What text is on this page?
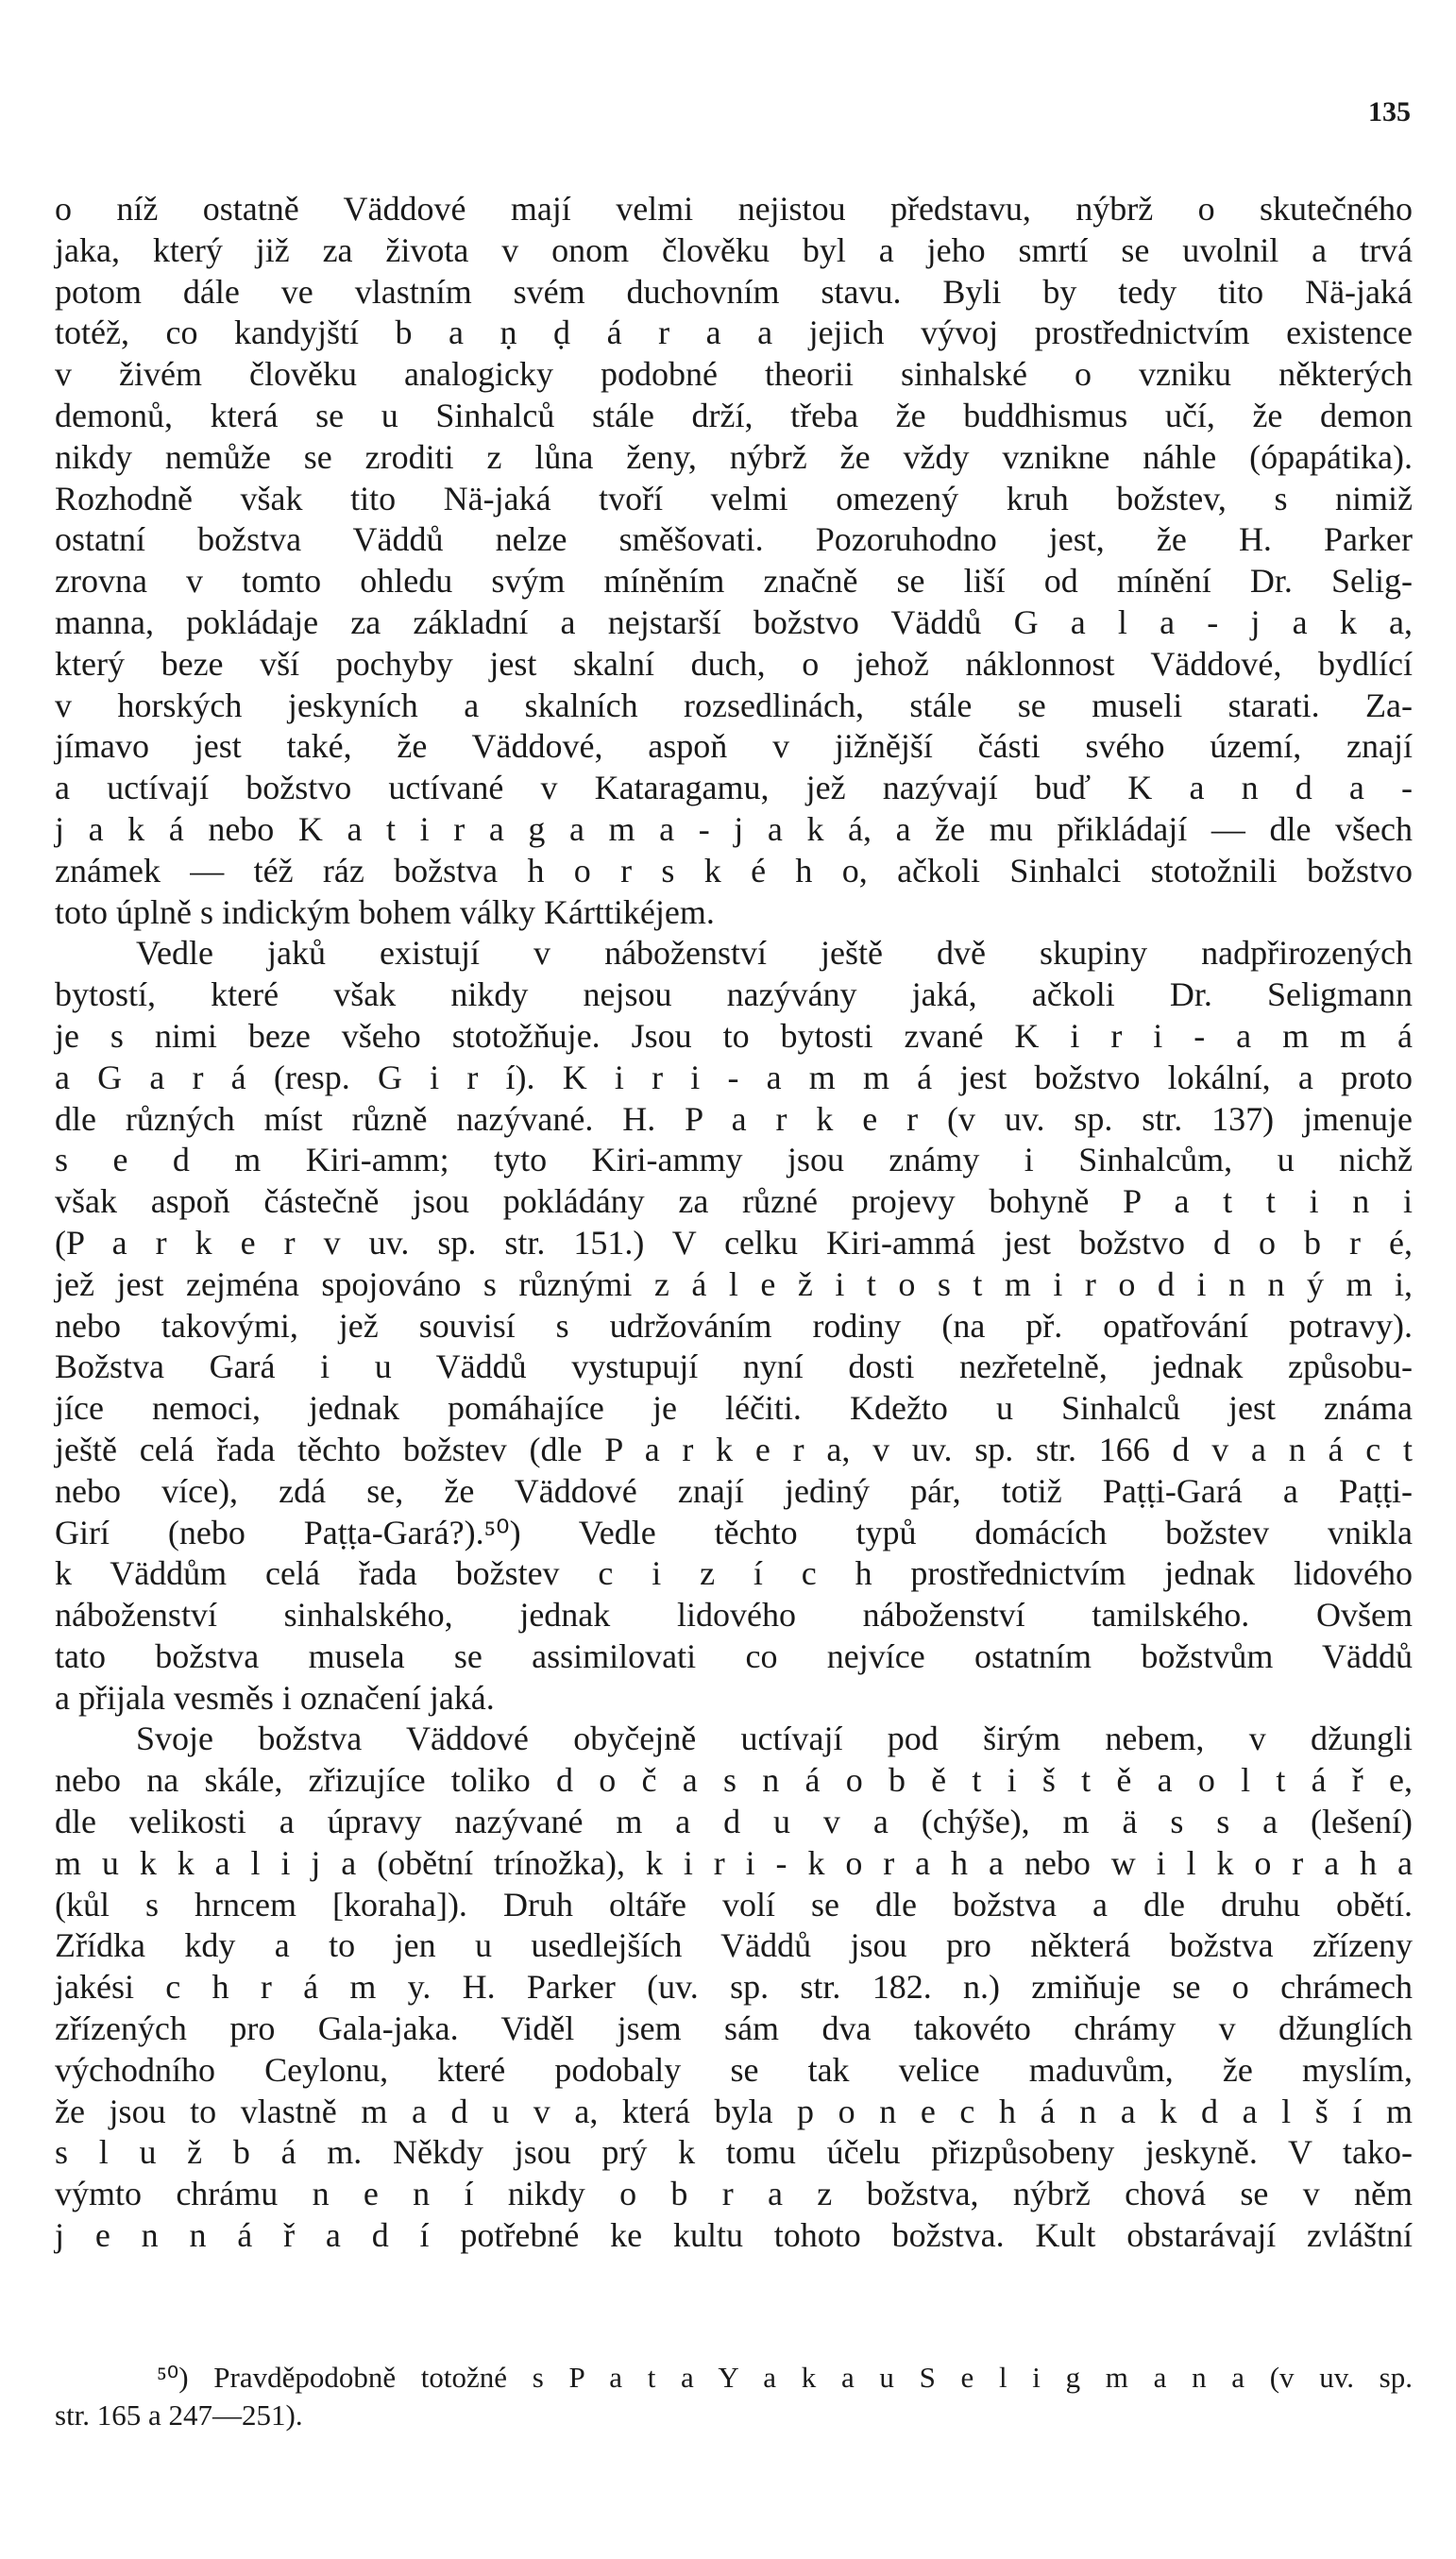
135
o níž ostatně Väddové mají velmi nejistou představu, nýbrž o skutečného
jaka, který již za života v onom člověku byl a jeho smrtí se uvolnil a trvá
potom dále ve vlastním svém duchovním stavu. Byli by tedy tito Nä-jaká
totéž, co kandyjští b a ṇ ḍ á r a a jejich vývoj prostřednictvím existence
v živém člověku analogicky podobné theorii sinhalské o vzniku některých
demonů, která se u Sinhalců stále drží, třeba že buddhismus učí, že demon
nikdy nemůže se zroditi z lůna ženy, nýbrž že vždy vznikne náhle (ópapátika).
Rozhodně však tito Nä-jaká tvoří velmi omezený kruh božstev, s nimiž
ostatní božstva Väddů nelze směšovati. Pozoruhodno jest, že H. Parker
zrovna v tomto ohledu svým míněním značně se liší od mínění Dr. Selig-
manna, pokládaje za základní a nejstarší božstvo Väddů G a l a - j a k a,
který beze vší pochyby jest skalní duch, o jehož náklonnost Väddové, bydlící
v horských jeskyních a skalních rozsedlinách, stále se museli starati. Za-
jímavo jest také, že Väddové, aspoň v jižnější části svého území, znají
a uctívají božstvo uctívané v Kataragamu, jež nazývají buď K a n d a -
j a k á nebo K a t i r a g a m a - j a k á, a že mu přikládají — dle všech
známek — též ráz božstva h o r s k é h o, ačkoli Sinhalci stotožnili božstvo
toto úplně s indickým bohem války Kárttikéjem.
Vedle jaků existují v náboženství ještě dvě skupiny nadpřirozených
bytostí, které však nikdy nejsou nazývány jaká, ačkoli Dr. Seligmann
je s nimi beze všeho stotožňuje. Jsou to bytosti zvané K i r i - a m m á
a G a r á (resp. G i r í). K i r i - a m m á jest božstvo lokální, a proto
dle různých míst různě nazývané. H. P a r k e r (v uv. sp. str. 137) jmenuje
s e d m Kiri-amm; tyto Kiri-ammy jsou známy i Sinhalcům, u nichž
však aspoň částečně jsou pokládány za různé projevy bohyně P a t t i n i
(P a r k e r v uv. sp. str. 151.) V celku Kiri-ammá jest božstvo d o b r é,
jež jest zejména spojováno s různými z á l e ž i t o s t m i r o d i n n ý m i,
nebo takovými, jež souvisí s udržováním rodiny (na př. opatřování potravy).
Božstva Gará i u Väddů vystupují nyní dosti nezřetelně, jednak způsobu-
jíce nemoci, jednak pomáhajíce je léčiti. Kdežto u Sinhalců jest známa
ještě celá řada těchto božstev (dle P a r k e r a, v uv. sp. str. 166 d v a n á c t
nebo více), zdá se, že Väddové znají jediný pár, totiž Paṭṭi-Gará a Paṭṭi-
Girí (nebo Paṭṭa-Gará?).⁵⁰) Vedle těchto typů domácích božstev vnikla
k Väddům celá řada božstev c i z í c h prostřednictvím jednak lidového
náboženství sinhalského, jednak lidového náboženství tamilského. Ovšem
tato božstva musela se assimilovati co nejvíce ostatním božstvům Väddů
a přijala vesměs i označení jaká.
Svoje božstva Väddové obyčejně uctívají pod širým nebem, v džungli
nebo na skále, zřizujíce toliko d o č a s n á o b ě t i š t ě a o l t á ř e,
dle velikosti a úpravy nazývané m a d u v a (chýše), m ä s s a (lešení)
m u k k a l i j a (obětní trínožka), k i r i - k o r a h a nebo w i l k o r a h a
(kůl s hrncem [koraha]). Druh oltáře volí se dle božstva a dle druhu obětí.
Zřídka kdy a to jen u usedlejších Väddů jsou pro některá božstva zřízeny
jakési c h r á m y. H. Parker (uv. sp. str. 182. n.) zmiňuje se o chrámech
zřízených pro Gala-jaka. Viděl jsem sám dva takovéto chrámy v džunglích
východního Ceylonu, které podobaly se tak velice maduvům, že myslím,
že jsou to vlastně m a d u v a, která byla p o n e c h á n a k d a l š í m
s l u ž b á m. Někdy jsou prý k tomu účelu přizpůsobeny jeskyně. V tako-
výmto chrámu n e n í nikdy o b r a z božstva, nýbrž chová se v něm
j e n n á ř a d í potřebné ke kultu tohoto božstva. Kult obstarávají zvláštní
⁵⁰) Pravděpodobně totožné s P a t a Y a k a u S e l i g m a n a (v uv. sp.
str. 165 a 247—251).
